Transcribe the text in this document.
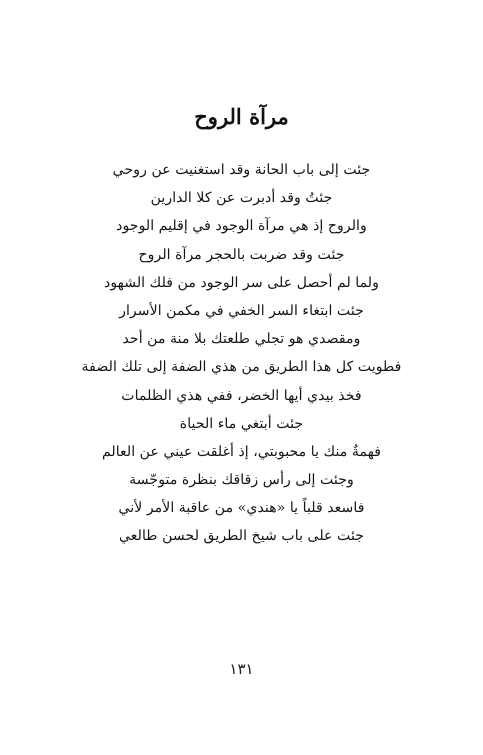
مرآة الروح
جئت إلى باب الحانة وقد استغنيت عن روحي
جئتُ وقد أدبرت عن كلا الدارين
والروح إذ هي مرآة الوجود في إقليم الوجود
جئت وقد ضربت بالحجر مرآة الروح
ولما لم أحصل على سر الوجود من فلك الشهود
جئت ابتغاء السر الخفي في مكمن الأسرار
ومقصدي هو تجلي طلعتك بلا منة من أحد
فطويت كل هذا الطريق من هذي الضفة إلى تلك الضفة
فخذ بيدي أيها الخضر، ففي هذي الظلمات
جئت أبتغي ماء الحياة
فهمةٌ منك يا محبوبتي، إذ أغلقت عيني عن العالم
وجئت إلى رأس زقاقك بنظرة متوجّسة
فاسعد قلباً يا «هندي» من عاقبة الأمر لأني
جئت على باب شيخ الطريق لحسن طالعي
١٣١
